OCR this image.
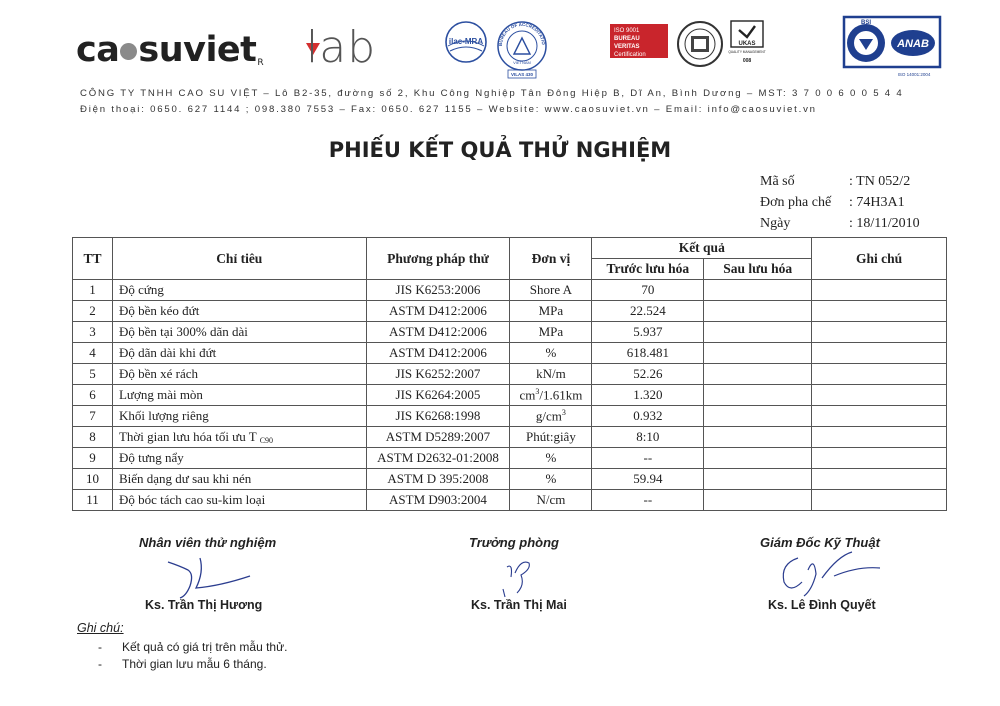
ca suviet$^R$ lab	ilac-MRA	BUREAU OF ACCREDITATIO
VIETNAM
VILAS 430
ISO 9001
BUREAU VERITAS
Certification
UKAS
QUALITY MANAGEMENT
008
BSI
ANAB
ISO 14001:2004
CÔNG TY TNHH CAO SU VIỆT – Lô B2-35, đường số 2, Khu Công Nghiệp Tân Đông Hiệp B, Dĩ An, Bình Dương – MST: 3 7 0 0 6 0 0 5 4 4
Điện thoại: 0650. 627 1144 ; 098.380 7553 – Fax: 0650. 627 1155 – Website: www.caosuviet.vn – Email: info@caosuviet.vn
PHIẾU KẾT QUẢ THỬ NGHIỆM
Mã số	: TN 052/2
Đơn pha chế	: 74H3A1
Ngày	: 18/11/2010
TT	Chỉ tiêu	Phương pháp thử	Đơn vị	Kết quả		Ghi chú
				Trước lưu hóa	Sau lưu hóa	
1	Độ cứng	JIS K6253:2006	Shore A	70		
2	Độ bền kéo đứt	ASTM D412:2006	MPa	22.524		
3	Độ bền tại 300% dãn dài	ASTM D412:2006	MPa	5.937		
4	Độ dãn dài khi đứt	ASTM D412:2006	%	618.481		
5	Độ bền xé rách	JIS K6252:2007	kN/m	52.26		
6	Lượng mài mòn	JIS K6264:2005	$cm^3/1.61km$	1.320		
7	Khối lượng riêng	JIS K6268:1998	$g/cm^3$	0.932		
8	Thời gian lưu hóa tối ưu T $_{C90}$	ASTM D5289:2007	Phút:giây	8:10		
9	Độ tưng nẩy	ASTM D2632-01:2008	%	--		
10	Biến dạng dư sau khi nén	ASTM D 395:2008	%	59.94		
11	Độ bóc tách cao su-kim loại	ASTM D903:2004	N/cm	--		
Nhân viên thử nghiệm
Ks. Trần Thị Hương
Trưởng phòng
Ks. Trần Thị Mai
Giám Đốc Kỹ Thuật
Ks. Lê Đình Quyết
Ghi chú:
- Kết quả có giá trị trên mẫu thử.
- Thời gian lưu mẫu 6 tháng.
